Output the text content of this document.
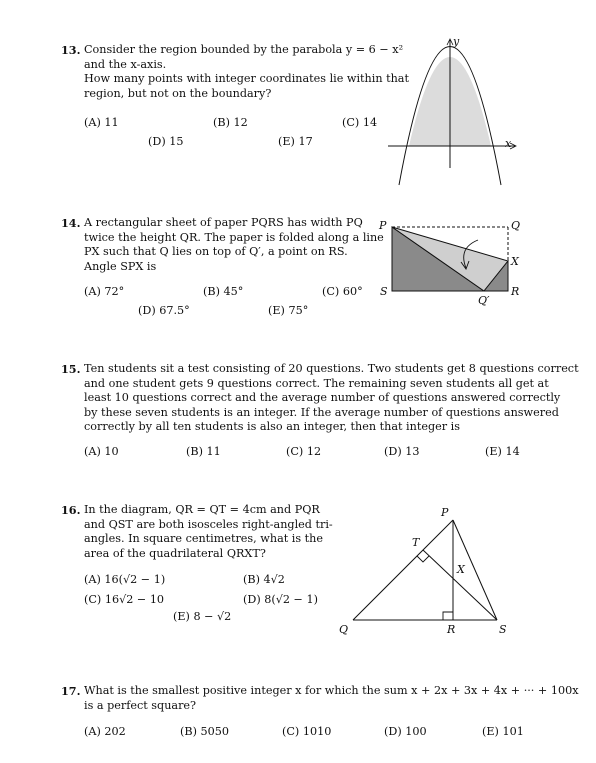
13. Consider the region bounded by the parabola y = 6 − x²
and the x-axis.
How many points with integer coordinates lie within that
region, but not on the boundary?
(A) 11	(B) 12	(C) 14
(D) 15	(E) 17
y
x
14. A rectangular sheet of paper PQRS has width PQ
twice the height QR. The paper is folded along a line
PX such that Q lies on top of Q′, a point on RS.
Angle SPX is
(A) 72°	(B) 45°	(C) 60°
(D) 67.5°	(E) 75°
P	Q
X
R
S
Q′
15. Ten students sit a test consisting of 20 questions. Two students get 8 questions correct
and one student gets 9 questions correct. The remaining seven students all get at
least 10 questions correct and the average number of questions answered correctly
by these seven students is an integer. If the average number of questions answered
correctly by all ten students is also an integer, then that integer is
(A) 10	(B) 11	(C) 12	(D) 13	(E) 14
16. In the diagram, QR = QT = 4cm and PQR
and QST are both isosceles right-angled tri-
angles. In square centimetres, what is the
area of the quadrilateral QRXT?
(A) 16(√2 − 1)	(B) 4√2
(C) 16√2 − 10	(D) 8(√2 − 1)
(E) 8 − √2
P
T
X
Q	R	S
17. What is the smallest positive integer x for which the sum x + 2x + 3x + 4x + ··· + 100x
is a perfect square?
(A) 202	(B) 5050	(C) 1010	(D) 100	(E) 101
